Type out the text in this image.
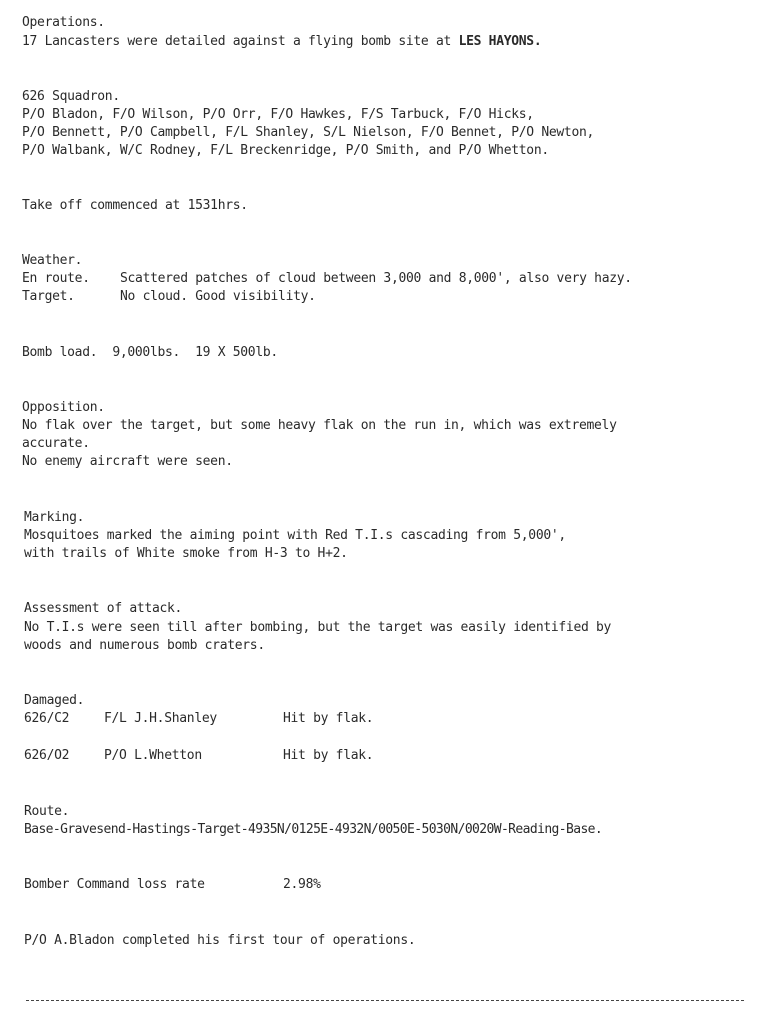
Operations.
17 Lancasters were detailed against a flying bomb site at LES HAYONS.
626 Squadron.
P/O Bladon, F/O Wilson, P/O Orr, F/O Hawkes, F/S Tarbuck, F/O Hicks,
P/O Bennett, P/O Campbell, F/L Shanley, S/L Nielson, F/O Bennet, P/O Newton,
P/O Walbank, W/C Rodney, F/L Breckenridge, P/O Smith, and P/O Whetton.
Take off commenced at 1531hrs.
Weather.
En route. Scattered patches of cloud between 3,000 and 8,000', also very hazy.
Target.	No cloud. Good visibility.
Bomb load.  9,000lbs.  19 X 500lb.
Opposition.
No flak over the target, but some heavy flak on the run in, which was extremely
accurate.
No enemy aircraft were seen.
Marking.
Mosquitoes marked the aiming point with Red T.I.s cascading from 5,000',
with trails of White smoke from H-3 to H+2.
Assessment of attack.
No T.I.s were seen till after bombing, but the target was easily identified by
woods and numerous bomb craters.
Damaged.
626/C2	F/L J.H.Shanley	Hit by flak.
626/O2	P/O L.Whetton	Hit by flak.
Route.
Base-Gravesend-Hastings-Target-4935N/0125E-4932N/0050E-5030N/0020W-Reading-Base.
Bomber Command loss rate	2.98%
P/O A.Bladon completed his first tour of operations.
